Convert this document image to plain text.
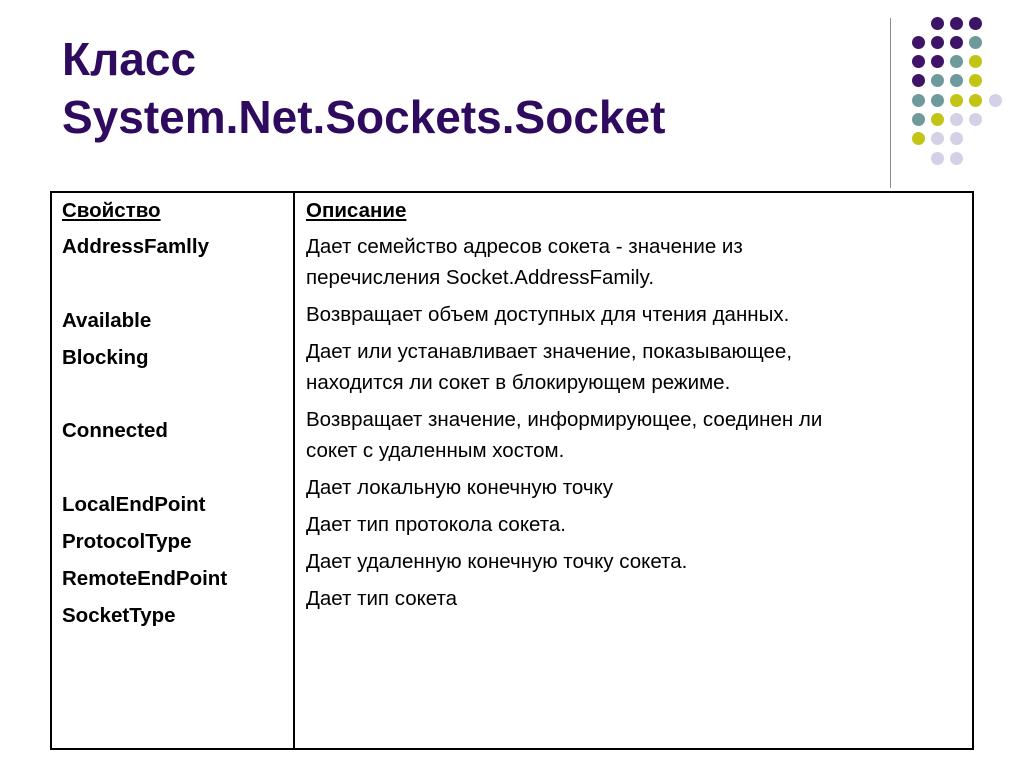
Класс
System.Net.Sockets.Socket

Свойство

AddressFamlly

Available

Blocking

Connected

LocalEndPoint

ProtocolType

RemoteEndPoint

SocketType

Описание

Дает семейство адресов сокета - значение из

перечисления Socket.AddressFamily.

Возвращает объем доступных для чтения данных.

Дает или устанавливает значение, показывающее,

находится ли сокет в блокирующем режиме.

Возвращает значение, информирующее, соединен ли

сокет с удаленным хостом.

Дает локальную конечную точку

Дает тип протокола сокета.

Дает удаленную конечную точку сокета.

Дает тип сокета
